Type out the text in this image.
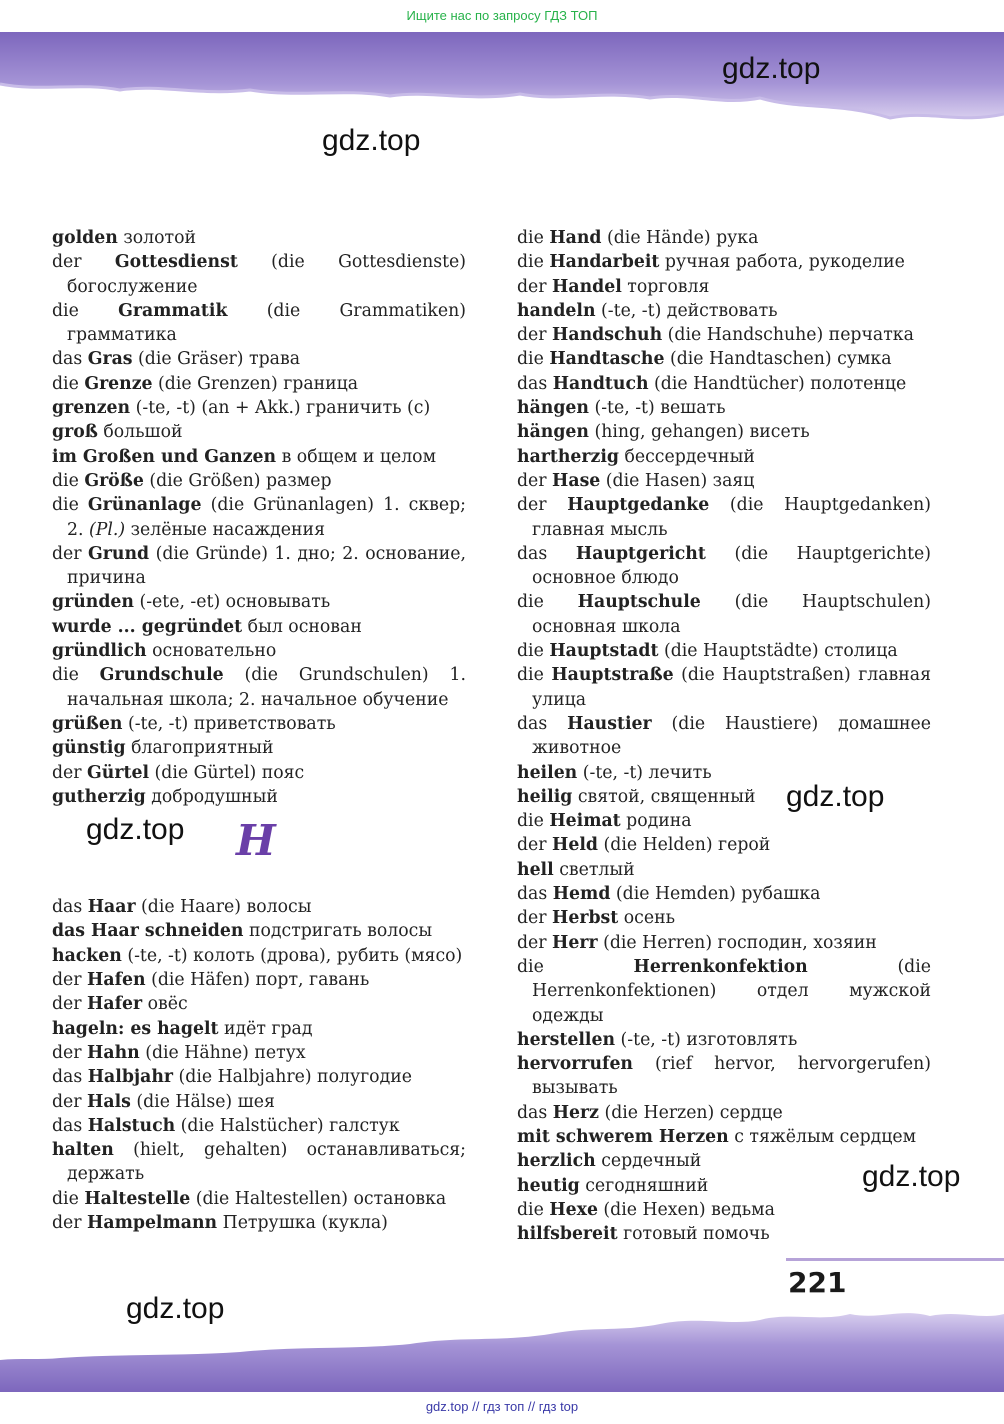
Ищите нас по запросу ГДЗ ТОП
gdz.top
gdz.top
gdz.top
gdz.top
gdz.top
golden золотой
der Gottesdienst (die Gottesdienste) богослужение
die Grammatik (die Grammatiken) грамматика
das Gras (die Gräser) трава
die Grenze (die Grenzen) граница
grenzen (-te, -t) (an + Akk.) граничить (с)
groß большой
im Großen und Ganzen в общем и целом
die Größe (die Größen) размер
die Grünanlage (die Grünanlagen) 1. сквер; 2. (Pl.) зелёные насаждения
der Grund (die Gründe) 1. дно; 2. основание, причина
gründen (-ete, -et) основывать
wurde ... gegründet был основан
gründlich основательно
die Grundschule (die Grundschulen) 1. начальная школа; 2. начальное обучение
grüßen (-te, -t) приветствовать
günstig благоприятный
der Gürtel (die Gürtel) пояс
gutherzig добродушный
gdz.top H
das Haar (die Haare) волосы
das Haar schneiden подстригать волосы
hacken (-te, -t) колоть (дрова), рубить (мясо)
der Hafen (die Häfen) порт, гавань
der Hafer овёс
hageln: es hagelt идёт град
der Hahn (die Hähne) петух
das Halbjahr (die Halbjahre) полугодие
der Hals (die Hälse) шея
das Halstuch (die Halstücher) галстук
halten (hielt, gehalten) останавливаться; держать
die Haltestelle (die Haltestellen) остановка
der Hampelmann Петрушка (кукла)
die Hand (die Hände) рука
die Handarbeit ручная работа, рукоделие
der Handel торговля
handeln (-te, -t) действовать
der Handschuh (die Handschuhe) перчатка
die Handtasche (die Handtaschen) сумка
das Handtuch (die Handtücher) полотенце
hängen (-te, -t) вешать
hängen (hing, gehangen) висеть
hartherzig бессердечный
der Hase (die Hasen) заяц
der Hauptgedanke (die Hauptgedanken) главная мысль
das Hauptgericht (die Hauptgerichte) основное блюдо
die Hauptschule (die Hauptschulen) основная школа
die Hauptstadt (die Hauptstädte) столица
die Hauptstraße (die Hauptstraßen) главная улица
das Haustier (die Haustiere) домашнее животное
heilen (-te, -t) лечить
heilig святой, священный
die Heimat родина
der Held (die Helden) герой
hell светлый
das Hemd (die Hemden) рубашка
der Herbst осень
der Herr (die Herren) господин, хозяин
die Herrenkonfektion (die Herrenkonfektionen) отдел мужской одежды
herstellen (-te, -t) изготовлять
hervorrufen (rief hervor, hervorgerufen) вызывать
das Herz (die Herzen) сердце
mit schwerem Herzen с тяжёлым сердцем
herzlich сердечный
heutig сегодняшний
die Hexe (die Hexen) ведьма
hilfsbereit готовый помочь
221
gdz.top // гдз топ // гдз top
